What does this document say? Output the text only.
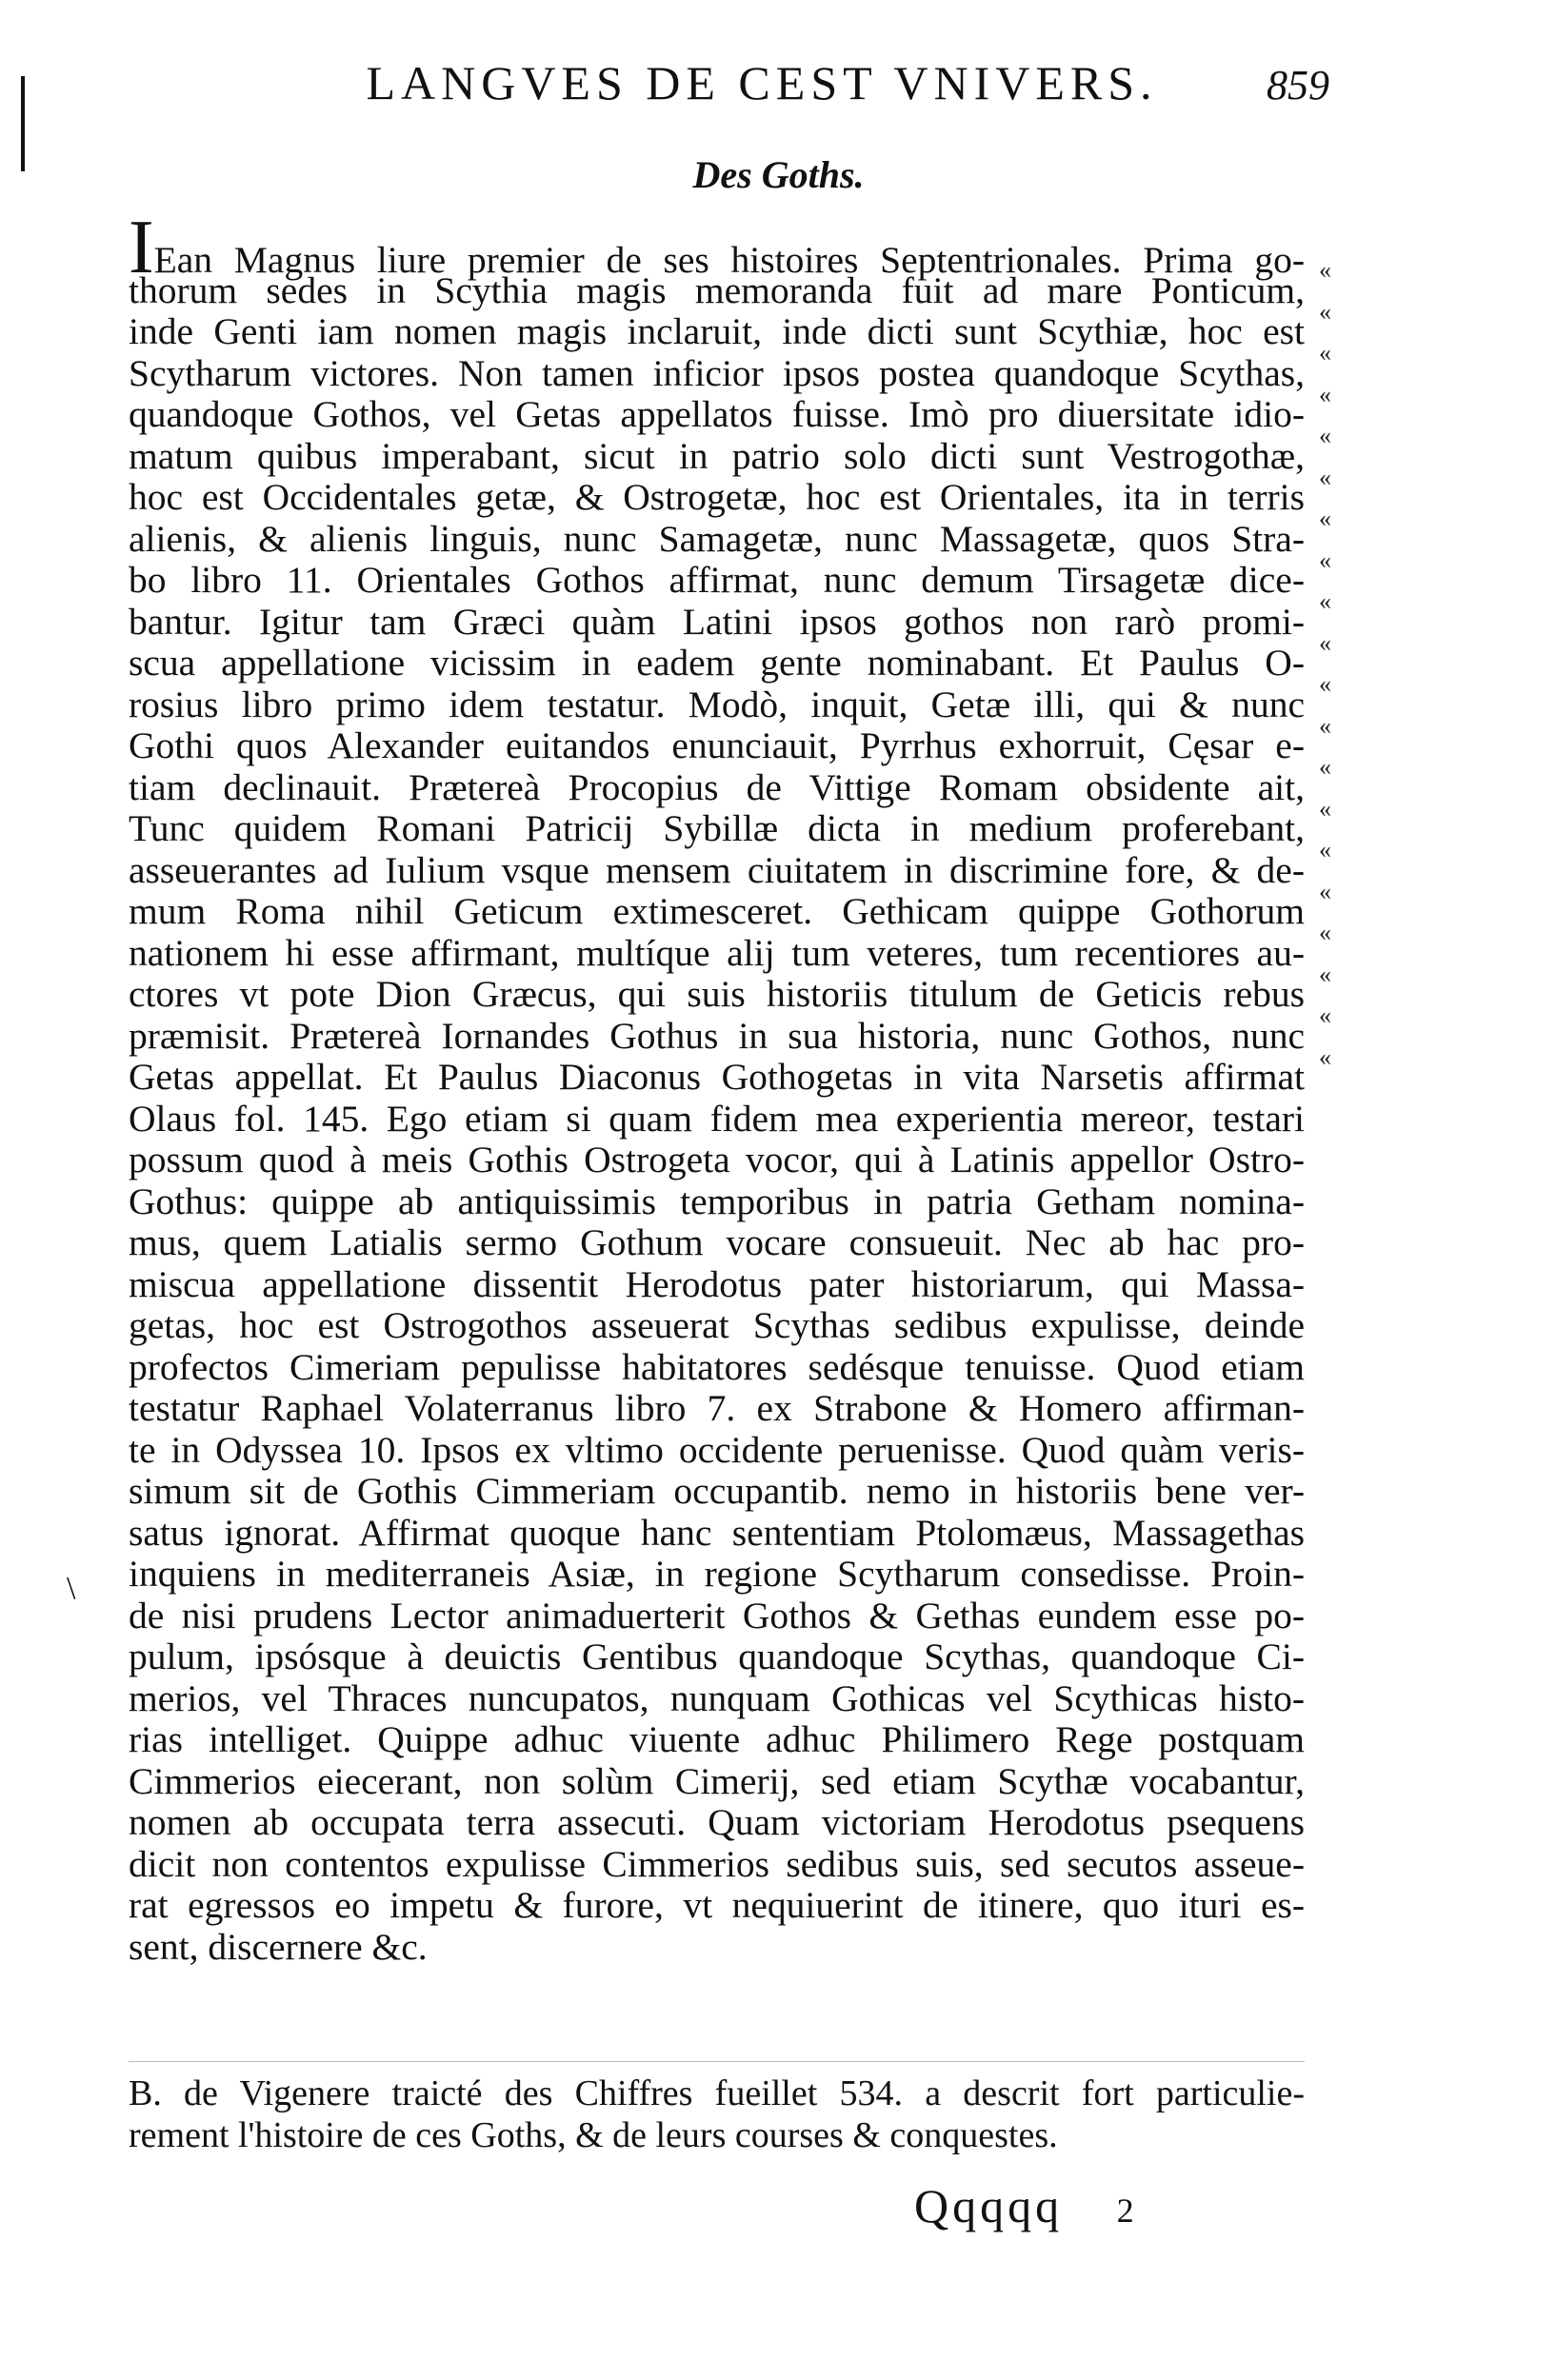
LANGVES DE CEST VNIVERS.	859
Des Goths.
IEan Magnus liure premier de ses histoires Septentrionales. Prima go-
thorum sedes in Scythia magis memoranda fuit ad mare Ponticum,
inde Genti iam nomen magis inclaruit, inde dicti sunt Scythiæ, hoc est
Scytharum victores. Non tamen inficior ipsos postea quandoque Scythas,
quandoque Gothos, vel Getas appellatos fuisse. Imò pro diuersitate idio-
matum quibus imperabant, sicut in patrio solo dicti sunt Vestrogothæ,
hoc est Occidentales getæ, & Ostrogetæ, hoc est Orientales, ita in terris
alienis, & alienis linguis, nunc Samagetæ, nunc Massagetæ, quos Stra-
bo libro 11. Orientales Gothos affirmat, nunc demum Tirsagetæ dice-
bantur. Igitur tam Græci quàm Latini ipsos gothos non rarò promi-
scua appellatione vicissim in eadem gente nominabant. Et Paulus O-
rosius libro primo idem testatur. Modò, inquit, Getæ illi, qui & nunc
Gothi quos Alexander euitandos enunciauit, Pyrrhus exhorruit, Cęsar e-
tiam declinauit. Prætereà Procopius de Vittige Romam obsidente ait,
Tunc quidem Romani Patricij Sybillæ dicta in medium proferebant,
asseuerantes ad Iulium vsque mensem ciuitatem in discrimine fore, & de-
mum Roma nihil Geticum extimesceret. Gethicam quippe Gothorum
nationem hi esse affirmant, multíque alij tum veteres, tum recentiores au-
ctores vt pote Dion Græcus, qui suis historiis titulum de Geticis rebus
præmisit. Prætereà Iornandes Gothus in sua historia, nunc Gothos, nunc
Getas appellat. Et Paulus Diaconus Gothogetas in vita Narsetis affirmat
Olaus fol. 145. Ego etiam si quam fidem mea experientia mereor, testari
possum quod à meis Gothis Ostrogeta vocor, qui à Latinis appellor Ostro-
Gothus: quippe ab antiquissimis temporibus in patria Getham nomina-
mus, quem Latialis sermo Gothum vocare consueuit. Nec ab hac pro-
miscua appellatione dissentit Herodotus pater historiarum, qui Massa-
getas, hoc est Ostrogothos asseuerat Scythas sedibus expulisse, deinde
profectos Cimeriam pepulisse habitatores sedésque tenuisse. Quod etiam
testatur Raphael Volaterranus libro 7. ex Strabone & Homero affirman-
te in Odyssea 10. Ipsos ex vltimo occidente peruenisse. Quod quàm veris-
simum sit de Gothis Cimmeriam occupantib. nemo in historiis bene ver-
satus ignorat. Affirmat quoque hanc sententiam Ptolomæus, Massagethas
inquiens in mediterraneis Asiæ, in regione Scytharum consedisse. Proin-
de nisi prudens Lector animaduerterit Gothos & Gethas eundem esse po-
pulum, ipsósque à deuictis Gentibus quandoque Scythas, quandoque Ci-
merios, vel Thraces nuncupatos, nunquam Gothicas vel Scythicas histo-
rias intelliget. Quippe adhuc viuente adhuc Philimero Rege postquam
Cimmerios eiecerant, non solùm Cimerij, sed etiam Scythæ vocabantur,
nomen ab occupata terra assecuti. Quam victoriam Herodotus psequens
dicit non contentos expulisse Cimmerios sedibus suis, sed secutos asseue-
rat egressos eo impetu & furore, vt nequiuerint de itinere, quo ituri es-
sent, discernere &c.
«
«
«
«
«
«
«
«
«
«
«
«
«
«
«
«
«
«
«
«
\
B. de Vigenere traicté des Chiffres fueillet 534. a descrit fort particulie-
rement l'histoire de ces Goths, & de leurs courses & conquestes.
Qqqqq 2
